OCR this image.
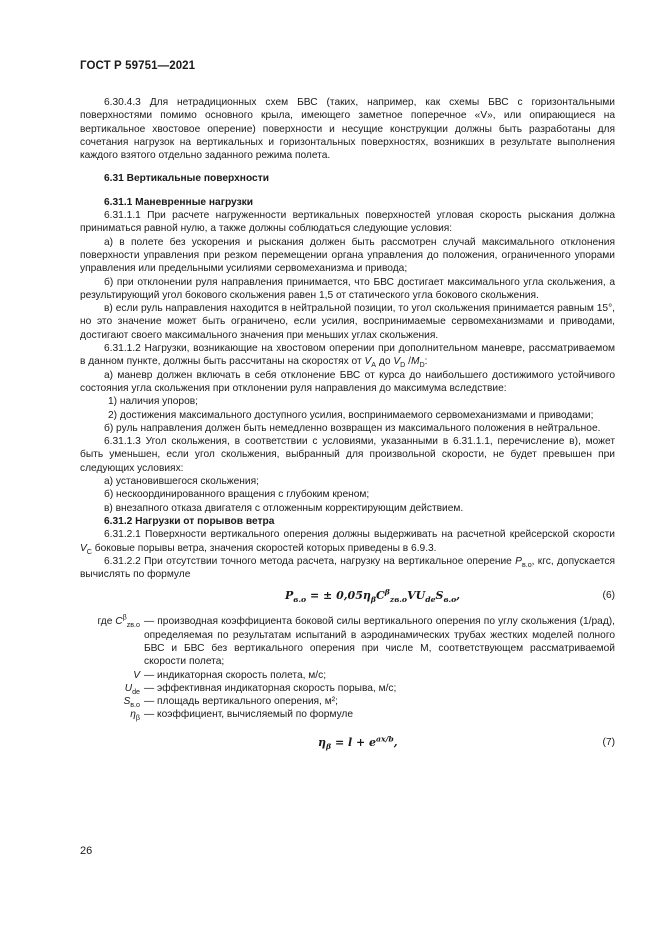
ГОСТ Р 59751—2021

6.30.4.3 Для нетрадиционных схем БВС (таких, например, как схемы БВС с горизонтальными поверхностями помимо основного крыла, имеющего заметное поперечное «V», или опирающиеся на вертикальное хвостовое оперение) поверхности и несущие конструкции должны быть разработаны для сочетания нагрузок на вертикальных и горизонтальных поверхностях, возникших в результате выполнения каждого взятого отдельно заданного режима полета.

6.31 Вертикальные поверхности

6.31.1 Маневренные нагрузки

6.31.1.1 При расчете нагруженности вертикальных поверхностей угловая скорость рыскания должна приниматься равной нулю, а также должны соблюдаться следующие условия:

а) в полете без ускорения и рыскания должен быть рассмотрен случай максимального отклонения поверхности управления при резком перемещении органа управления до положения, ограниченного упорами управления или предельными усилиями сервомеханизма и привода;

б) при отклонении руля направления принимается, что БВС достигает максимального угла скольжения, а результирующий угол бокового скольжения равен 1,5 от статического угла бокового скольжения.

в) если руль направления находится в нейтральной позиции, то угол скольжения принимается равным 15°, но это значение может быть ограничено, если усилия, воспринимаемые сервомеханизмами и приводами, достигают своего максимального значения при меньших углах скольжения.

6.31.1.2 Нагрузки, возникающие на хвостовом оперении при дополнительном маневре, рассматриваемом в данном пункте, должны быть рассчитаны на скоростях от $V_A$ до $V_D$ $/M_D$:

а) маневр должен включать в себя отклонение БВС от курса до наибольшего достижимого устойчивого состояния угла скольжения при отклонении руля направления до максимума вследствие:

1) наличия упоров;

2) достижения максимального доступного усилия, воспринимаемого сервомеханизмами и приводами;

б) руль направления должен быть немедленно возвращен из максимального положения в нейтральное.

6.31.1.3 Угол скольжения, в соответствии с условиями, указанными в 6.31.1.1, перечисление в), может быть уменьшен, если угол скольжения, выбранный для произвольной скорости, не будет превышен при следующих условиях:

а) установившегося скольжения;

б) нескоординированного вращения с глубоким креном;

в) внезапного отказа двигателя с отложенным корректирующим действием.

6.31.2 Нагрузки от порывов ветра

6.31.2.1 Поверхности вертикального оперения должны выдерживать на расчетной крейсерской скорости $V_C$ боковые порывы ветра, значения скоростей которых приведены в 6.9.3.

6.31.2.2 При отсутствии точного метода расчета, нагрузку на вертикальное оперение $P_{в.о}$, кгс, допускается вычислять по формуле

$P_{в.о}$ = ± $0,05\eta_\beta C^\beta_{zв.о}VU_{de}S_{в.о}$,	(6)
где $C^\beta_{zв.о}$ — производная коэффициента боковой силы вертикального оперения по углу скольжения (1/рад), определяемая по результатам испытаний в аэродинамических трубах жестких моделей полного БВС и БВС без вертикального оперения при числе M, соответствующем рассматриваемой скорости полета;
V — индикаторная скорость полета, м/с;
$U_{de}$ — эффективная индикаторная скорость порыва, м/с;
$S_{в.о}$ — площадь вертикального оперения, м²;
$\eta_\beta$ — коэффициент, вычисляемый по формуле
$\eta_\beta = l + e^{ax/b}$,	(7)
26
